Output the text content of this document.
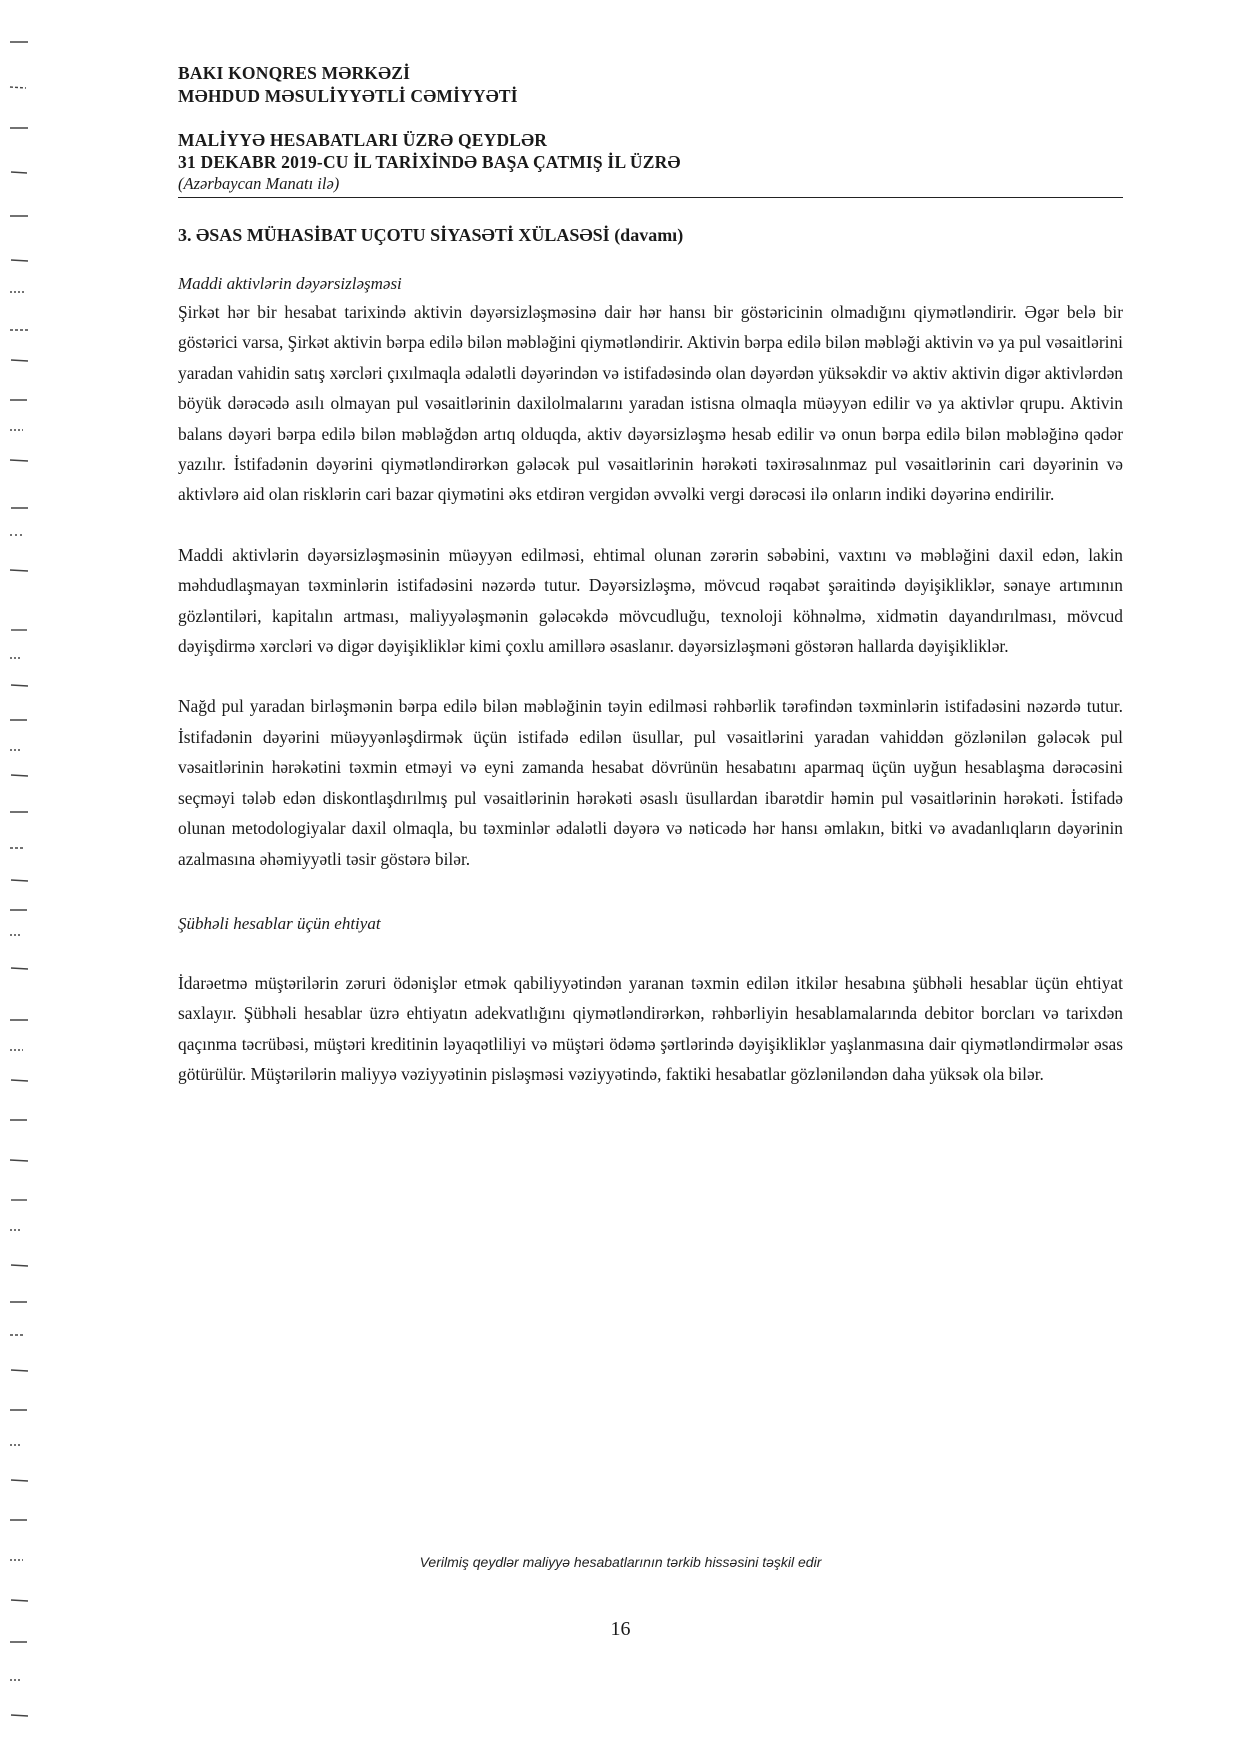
BAKI KONQRES MƏRKƏZİ
MƏHDUD MƏSULİYYƏTLİ CƏMİYYƏTİ
MALİYYƏ HESABATLARI ÜZRƏ QEYDLƏR
31 DEKABR 2019-CU İL TARİXİNDƏ BAŞA ÇATMIŞ İL ÜZRƏ
(Azərbaycan Manatı ilə)
3. ƏSAS MÜHASİBAT UÇOTU SİYASƏTİ XÜLASƏSİ (davamı)
Maddi aktivlərin dəyərsizləşməsi

Şirkət hər bir hesabat tarixində aktivin dəyərsizləşməsinə dair hər hansı bir göstəricinin olmadığını qiymətləndirir. Əgər belə bir göstərici varsa, Şirkət aktivin bərpa edilə bilən məbləğini qiymətləndirir. Aktivin bərpa edilə bilən məbləği aktivin və ya pul vəsaitlərini yaradan vahidin satış xərcləri çıxılmaqla ədalətli dəyərindən və istifadəsində olan dəyərdən yüksəkdir və aktiv aktivin digər aktivlərdən böyük dərəcədə asılı olmayan pul vəsaitlərinin daxilolmalarını yaradan istisna olmaqla müəyyən edilir və ya aktivlər qrupu. Aktivin balans dəyəri bərpa edilə bilən məbləğdən artıq olduqda, aktiv dəyərsizləşmə hesab edilir və onun bərpa edilə bilən məbləğinə qədər yazılır. İstifadənin dəyərini qiymətləndirərkən gələcək pul vəsaitlərinin hərəkəti təxirəsalınmaz pul vəsaitlərinin cari dəyərinin və aktivlərə aid olan risklərin cari bazar qiymətini əks etdirən vergidən əvvəlki vergi dərəcəsi ilə onların indiki dəyərinə endirilir.

Maddi aktivlərin dəyərsizləşməsinin müəyyən edilməsi, ehtimal olunan zərərin səbəbini, vaxtını və məbləğini daxil edən, lakin məhdudlaşmayan təxminlərin istifadəsini nəzərdə tutur. Dəyərsizləşmə, mövcud rəqabət şəraitində dəyişikliklər, sənaye artımının gözləntiləri, kapitalın artması, maliyyələşmənin gələcəkdə mövcudluğu, texnoloji köhnəlmə, xidmətin dayandırılması, mövcud dəyişdirmə xərcləri və digər dəyişikliklər kimi çoxlu amillərə əsaslanır. dəyərsizləşməni göstərən hallarda dəyişikliklər.

Nağd pul yaradan birləşmənin bərpa edilə bilən məbləğinin təyin edilməsi rəhbərlik tərəfindən təxminlərin istifadəsini nəzərdə tutur. İstifadənin dəyərini müəyyənləşdirmək üçün istifadə edilən üsullar, pul vəsaitlərini yaradan vahiddən gözlənilən gələcək pul vəsaitlərinin hərəkətini təxmin etməyi və eyni zamanda hesabat dövrünün hesabatını aparmaq üçün uyğun hesablaşma dərəcəsini seçməyi tələb edən diskontlaşdırılmış pul vəsaitlərinin hərəkəti əsaslı üsullardan ibarətdir həmin pul vəsaitlərinin hərəkəti. İstifadə olunan metodologiyalar daxil olmaqla, bu təxminlər ədalətli dəyərə və nəticədə hər hansı əmlakın, bitki və avadanlıqların dəyərinin azalmasına əhəmiyyətli təsir göstərə bilər.

Şübhəli hesablar üçün ehtiyat

İdarəetmə müştərilərin zəruri ödənişlər etmək qabiliyyətindən yaranan təxmin edilən itkilər hesabına şübhəli hesablar üçün ehtiyat saxlayır. Şübhəli hesablar üzrə ehtiyatın adekvatlığını qiymətləndirərkən, rəhbərliyin hesablamalarında debitor borcları və tarixdən qaçınma təcrübəsi, müştəri kreditinin ləyaqətliliyi və müştəri ödəmə şərtlərində dəyişikliklər yaşlanmasına dair qiymətləndirmələr əsas götürülür. Müştərilərin maliyyə vəziyyətinin pisləşməsi vəziyyətində, faktiki hesabatlar gözləniləndən daha yüksək ola bilər.

Verilmiş qeydlər maliyyə hesabatlarının tərkib hissəsini təşkil edir
16
